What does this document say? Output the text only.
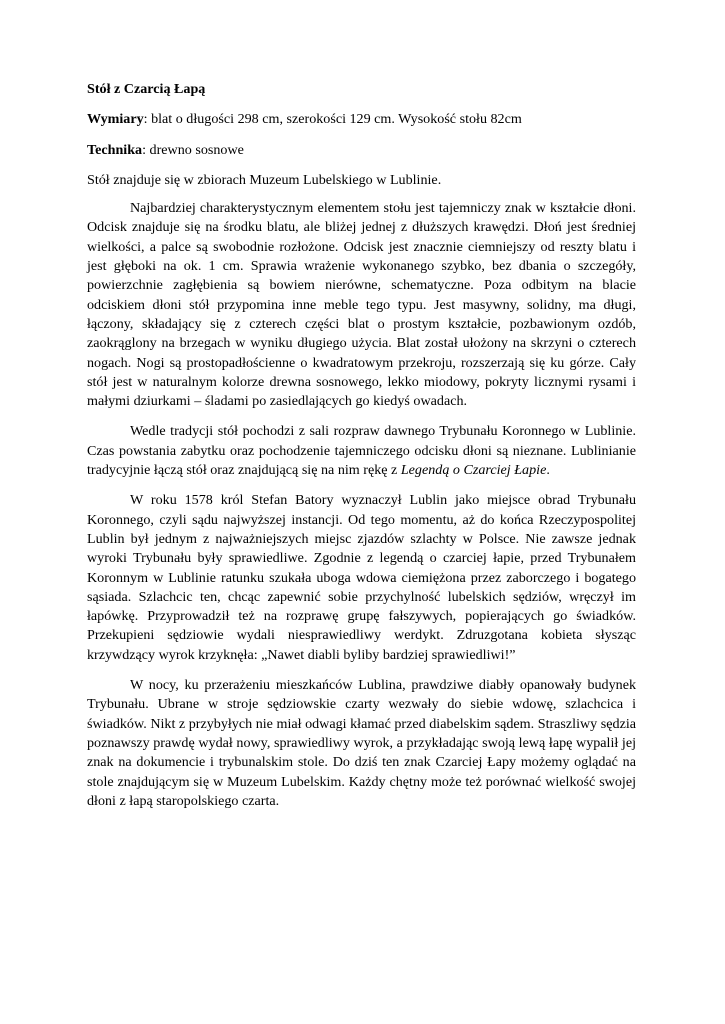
Stół z Czarcią Łapą
Wymiary: blat o długości 298 cm, szerokości 129 cm. Wysokość stołu 82cm
Technika: drewno sosnowe
Stół znajduje się w zbiorach Muzeum Lubelskiego w Lublinie.

Najbardziej charakterystycznym elementem stołu jest tajemniczy znak w kształcie dłoni. Odcisk znajduje się na środku blatu, ale bliżej jednej z dłuższych krawędzi. Dłoń jest średniej wielkości, a palce są swobodnie rozłożone. Odcisk jest znacznie ciemniejszy od reszty blatu i jest głęboki na ok. 1 cm. Sprawia wrażenie wykonanego szybko, bez dbania o szczegóły, powierzchnie zagłębienia są bowiem nierówne, schematyczne. Poza odbitym na blacie odciskiem dłoni stół przypomina inne meble tego typu. Jest masywny, solidny, ma długi, łączony, składający się z czterech części blat o prostym kształcie, pozbawionym ozdób, zaokrąglony na brzegach w wyniku długiego użycia. Blat został ułożony na skrzyni o czterech nogach. Nogi są prostopadłościenne o kwadratowym przekroju, rozszerzają się ku górze. Cały stół jest w naturalnym kolorze drewna sosnowego, lekko miodowy, pokryty licznymi rysami i małymi dziurkami – śladami po zasiedlających go kiedyś owadach.

Wedle tradycji stół pochodzi z sali rozpraw dawnego Trybunału Koronnego w Lublinie. Czas powstania zabytku oraz pochodzenie tajemniczego odcisku dłoni są nieznane. Lublinianie tradycyjnie łączą stół oraz znajdującą się na nim rękę z Legendą o Czarciej Łapie.

W roku 1578 król Stefan Batory wyznaczył Lublin jako miejsce obrad Trybunału Koronnego, czyli sądu najwyższej instancji. Od tego momentu, aż do końca Rzeczypospolitej Lublin był jednym z najważniejszych miejsc zjazdów szlachty w Polsce. Nie zawsze jednak wyroki Trybunału były sprawiedliwe. Zgodnie z legendą o czarciej łapie, przed Trybunałem Koronnym w Lublinie ratunku szukała uboga wdowa ciemiężona przez zaborczego i bogatego sąsiada. Szlachcic ten, chcąc zapewnić sobie przychylność lubelskich sędziów, wręczył im łapówkę. Przyprowadził też na rozprawę grupę fałszywych, popierających go świadków. Przekupieni sędziowie wydali niesprawiedliwy werdykt. Zdruzgotana kobieta słysząc krzywdzący wyrok krzyknęła: „Nawet diabli byliby bardziej sprawiedliwi!”

W nocy, ku przerażeniu mieszkańców Lublina, prawdziwe diabły opanowały budynek Trybunału. Ubrane w stroje sędziowskie czarty wezwały do siebie wdowę, szlachcica i świadków. Nikt z przybyłych nie miał odwagi kłamać przed diabelskim sądem. Straszliwy sędzia poznawszy prawdę wydał nowy, sprawiedliwy wyrok, a przykładając swoją lewą łapę wypalił jej znak na dokumencie i trybunalskim stole. Do dziś ten znak Czarciej Łapy możemy oglądać na stole znajdującym się w Muzeum Lubelskim. Każdy chętny może też porównać wielkość swojej dłoni z łapą staropolskiego czarta.
